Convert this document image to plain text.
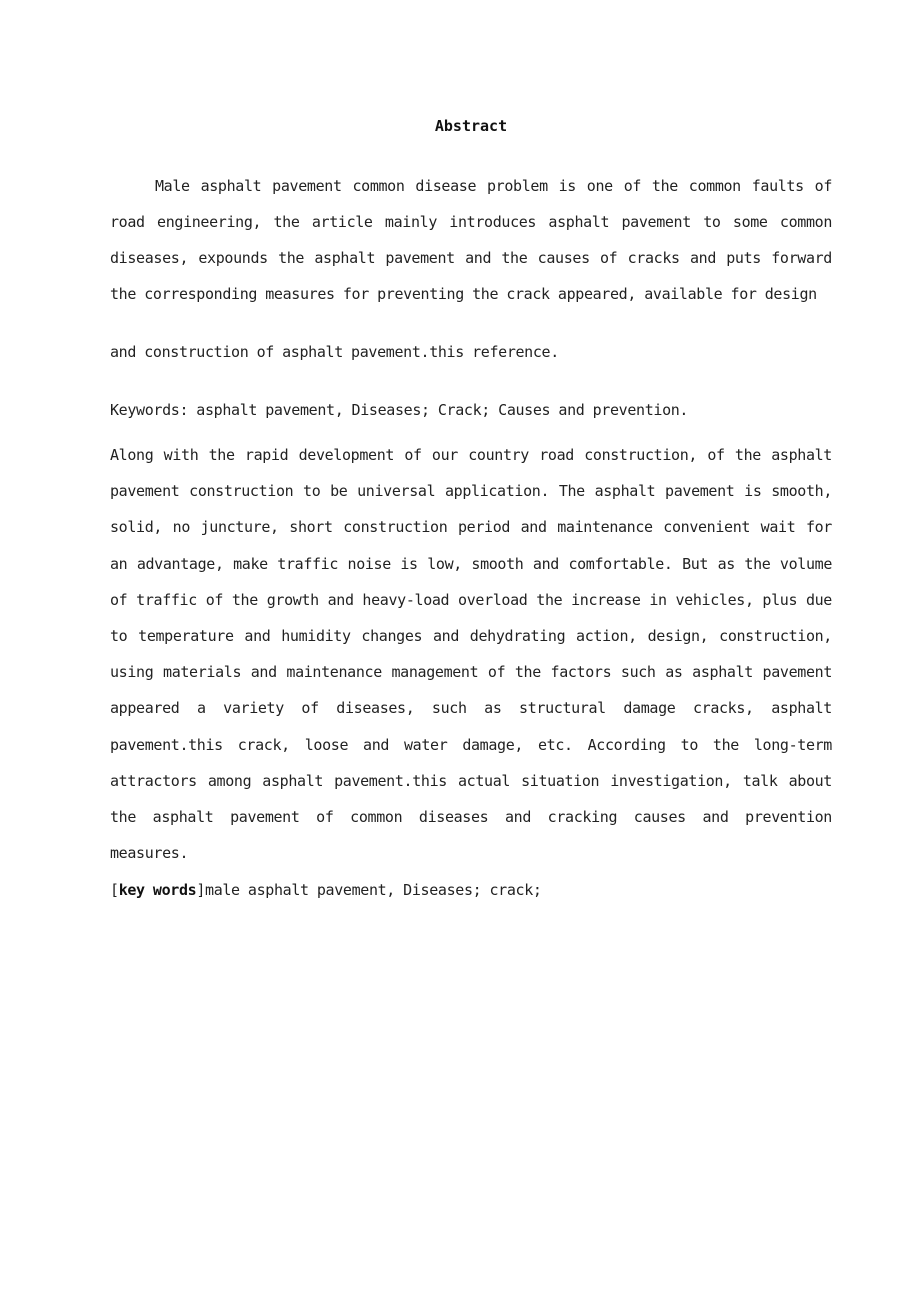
Abstract

Male asphalt pavement common disease problem is one of the common faults of road engineering, the article mainly introduces asphalt pavement to some common diseases, expounds the asphalt pavement and the causes of cracks and puts forward the corresponding measures for preventing the crack appeared, available for design

and construction of asphalt pavement.this reference.

Keywords: asphalt pavement, Diseases; Crack; Causes and prevention.

Along with the rapid development of our country road construction, of the asphalt pavement construction to be universal application. The asphalt pavement is smooth, solid, no juncture, short construction period and maintenance convenient wait for an advantage, make traffic noise is low, smooth and comfortable. But as the volume of traffic of the growth and heavy-load overload the increase in vehicles, plus due to temperature and humidity changes and dehydrating action, design, construction, using materials and maintenance management of the factors such as asphalt pavement appeared a variety of diseases, such as structural damage cracks, asphalt pavement.this crack, loose and water damage, etc. According to the long-term attractors among asphalt pavement.this actual situation investigation, talk about the asphalt pavement of common diseases and cracking causes and prevention measures.

[key words]male asphalt pavement, Diseases; crack;
